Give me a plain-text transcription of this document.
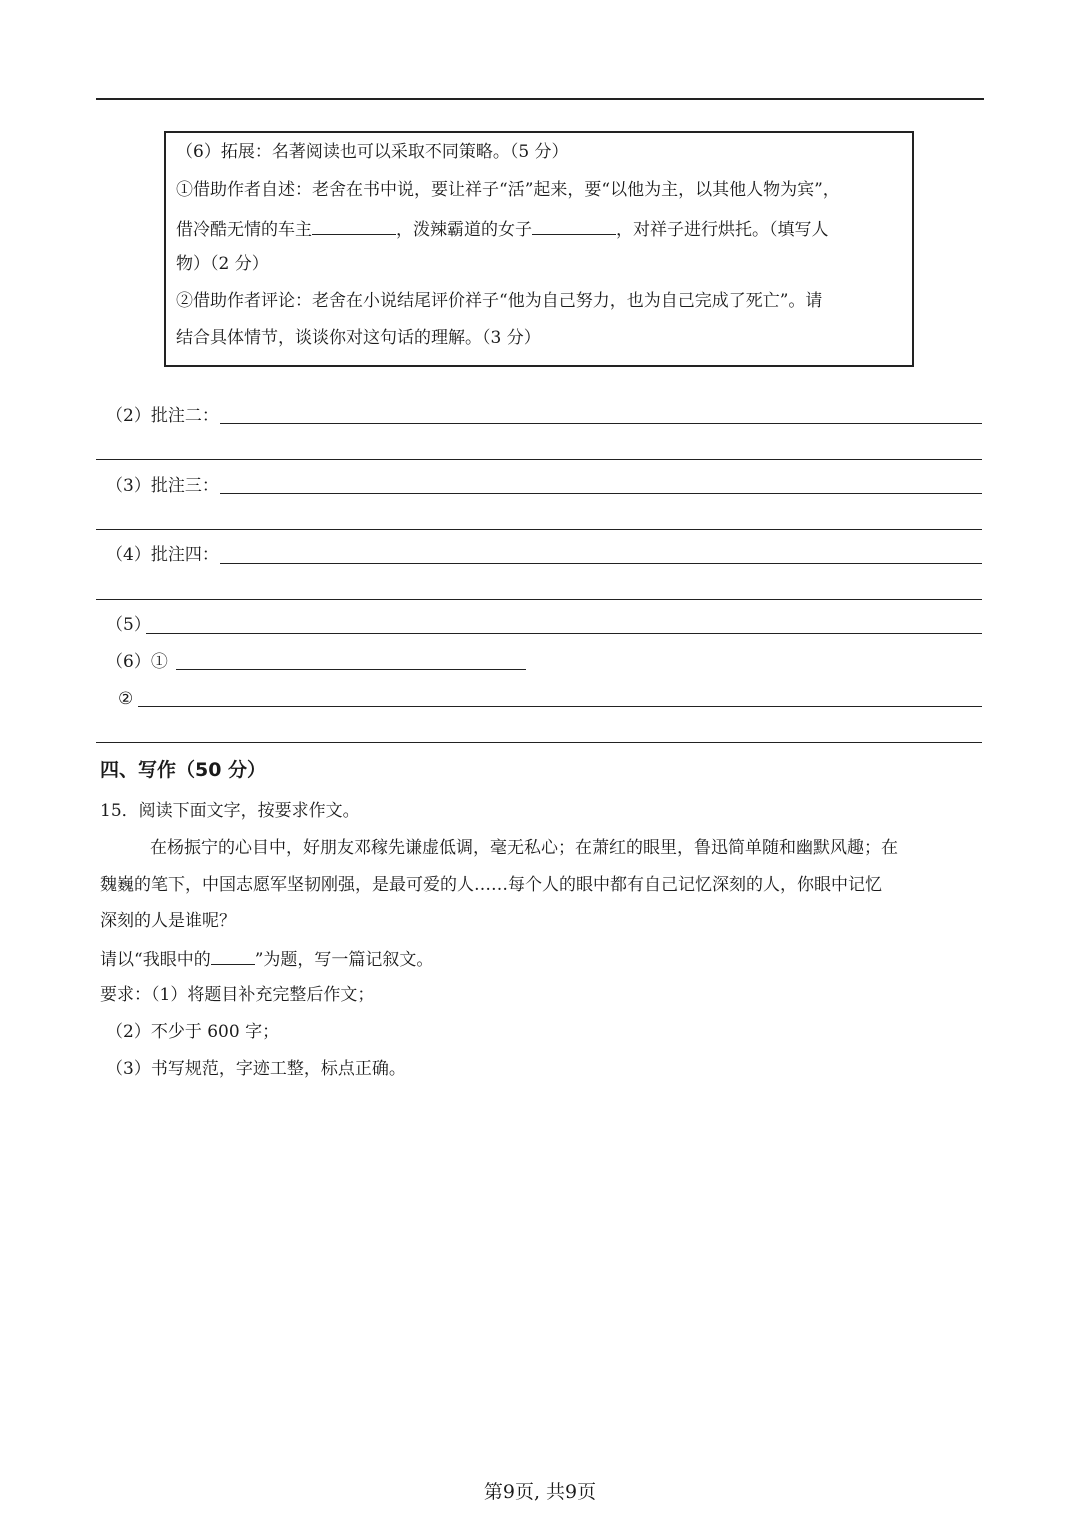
（6）拓展：名著阅读也可以采取不同策略。（5 分）
①借助作者自述：老舍在书中说，要让祥子“活”起来，要“以他为主，以其他人物为宾”，
借冷酷无情的车主	，泼辣霸道的女子	，对祥子进行烘托。（填写人
物）（2 分）
②借助作者评论：老舍在小说结尾评价祥子“他为自己努力，也为自己完成了死亡”。请
结合具体情节，谈谈你对这句话的理解。（3 分）
（2）批注二：
（3）批注三：
（4）批注四：
（5）
（6）①
②
四、写作（50 分）
15．阅读下面文字，按要求作文。
在杨振宁的心目中，好朋友邓稼先谦虚低调，毫无私心；在萧红的眼里，鲁迅简单随和幽默风趣；在
魏巍的笔下，中国志愿军坚韧刚强，是最可爱的人……每个人的眼中都有自己记忆深刻的人，你眼中记忆
深刻的人是谁呢？
请以“我眼中的	”为题，写一篇记叙文。
要求：（1）将题目补充完整后作文；
（2）不少于 600 字；
（3）书写规范，字迹工整，标点正确。
第9页, 共9页
